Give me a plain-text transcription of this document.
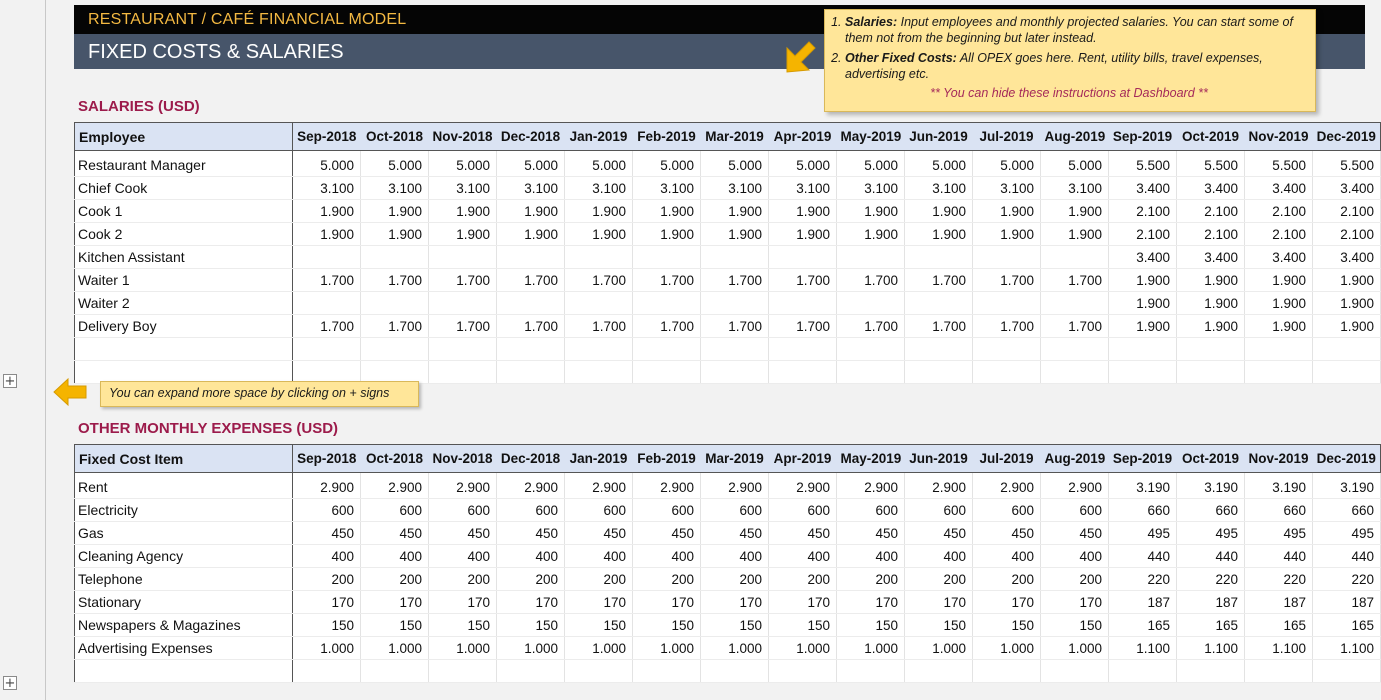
+
+
RESTAURANT / CAFÉ FINANCIAL MODEL
FIXED COSTS & SALARIES
1. Salaries: Input employees and monthly projected salaries. You can start some of them not from the beginning but later instead.
2. Other Fixed Costs: All OPEX goes here. Rent, utility bills, travel expenses, advertising etc.
** You can hide these instructions at Dashboard **
SALARIES (USD)
Employee	Sep-2018	Oct-2018	Nov-2018	Dec-2018	Jan-2019	Feb-2019	Mar-2019	Apr-2019	May-2019	Jun-2019	Jul-2019	Aug-2019	Sep-2019	Oct-2019	Nov-2019	Dec-2019
Restaurant Manager	5.000	5.000	5.000	5.000	5.000	5.000	5.000	5.000	5.000	5.000	5.000	5.000	5.500	5.500	5.500	5.500
Chief Cook	3.100	3.100	3.100	3.100	3.100	3.100	3.100	3.100	3.100	3.100	3.100	3.100	3.400	3.400	3.400	3.400
Cook 1	1.900	1.900	1.900	1.900	1.900	1.900	1.900	1.900	1.900	1.900	1.900	1.900	2.100	2.100	2.100	2.100
Cook 2	1.900	1.900	1.900	1.900	1.900	1.900	1.900	1.900	1.900	1.900	1.900	1.900	2.100	2.100	2.100	2.100
Kitchen Assistant													3.400	3.400	3.400	3.400
Waiter 1	1.700	1.700	1.700	1.700	1.700	1.700	1.700	1.700	1.700	1.700	1.700	1.700	1.900	1.900	1.900	1.900
Waiter 2													1.900	1.900	1.900	1.900
Delivery Boy	1.700	1.700	1.700	1.700	1.700	1.700	1.700	1.700	1.700	1.700	1.700	1.700	1.900	1.900	1.900	1.900

You can expand more space by clicking on + signs
OTHER MONTHLY EXPENSES (USD)
Fixed Cost Item	Sep-2018	Oct-2018	Nov-2018	Dec-2018	Jan-2019	Feb-2019	Mar-2019	Apr-2019	May-2019	Jun-2019	Jul-2019	Aug-2019	Sep-2019	Oct-2019	Nov-2019	Dec-2019
Rent	2.900	2.900	2.900	2.900	2.900	2.900	2.900	2.900	2.900	2.900	2.900	2.900	3.190	3.190	3.190	3.190
Electricity	600	600	600	600	600	600	600	600	600	600	600	600	660	660	660	660
Gas	450	450	450	450	450	450	450	450	450	450	450	450	495	495	495	495
Cleaning Agency	400	400	400	400	400	400	400	400	400	400	400	400	440	440	440	440
Telephone	200	200	200	200	200	200	200	200	200	200	200	200	220	220	220	220
Stationary	170	170	170	170	170	170	170	170	170	170	170	170	187	187	187	187
Newspapers & Magazines	150	150	150	150	150	150	150	150	150	150	150	150	165	165	165	165
Advertising Expenses	1.000	1.000	1.000	1.000	1.000	1.000	1.000	1.000	1.000	1.000	1.000	1.000	1.100	1.100	1.100	1.100
